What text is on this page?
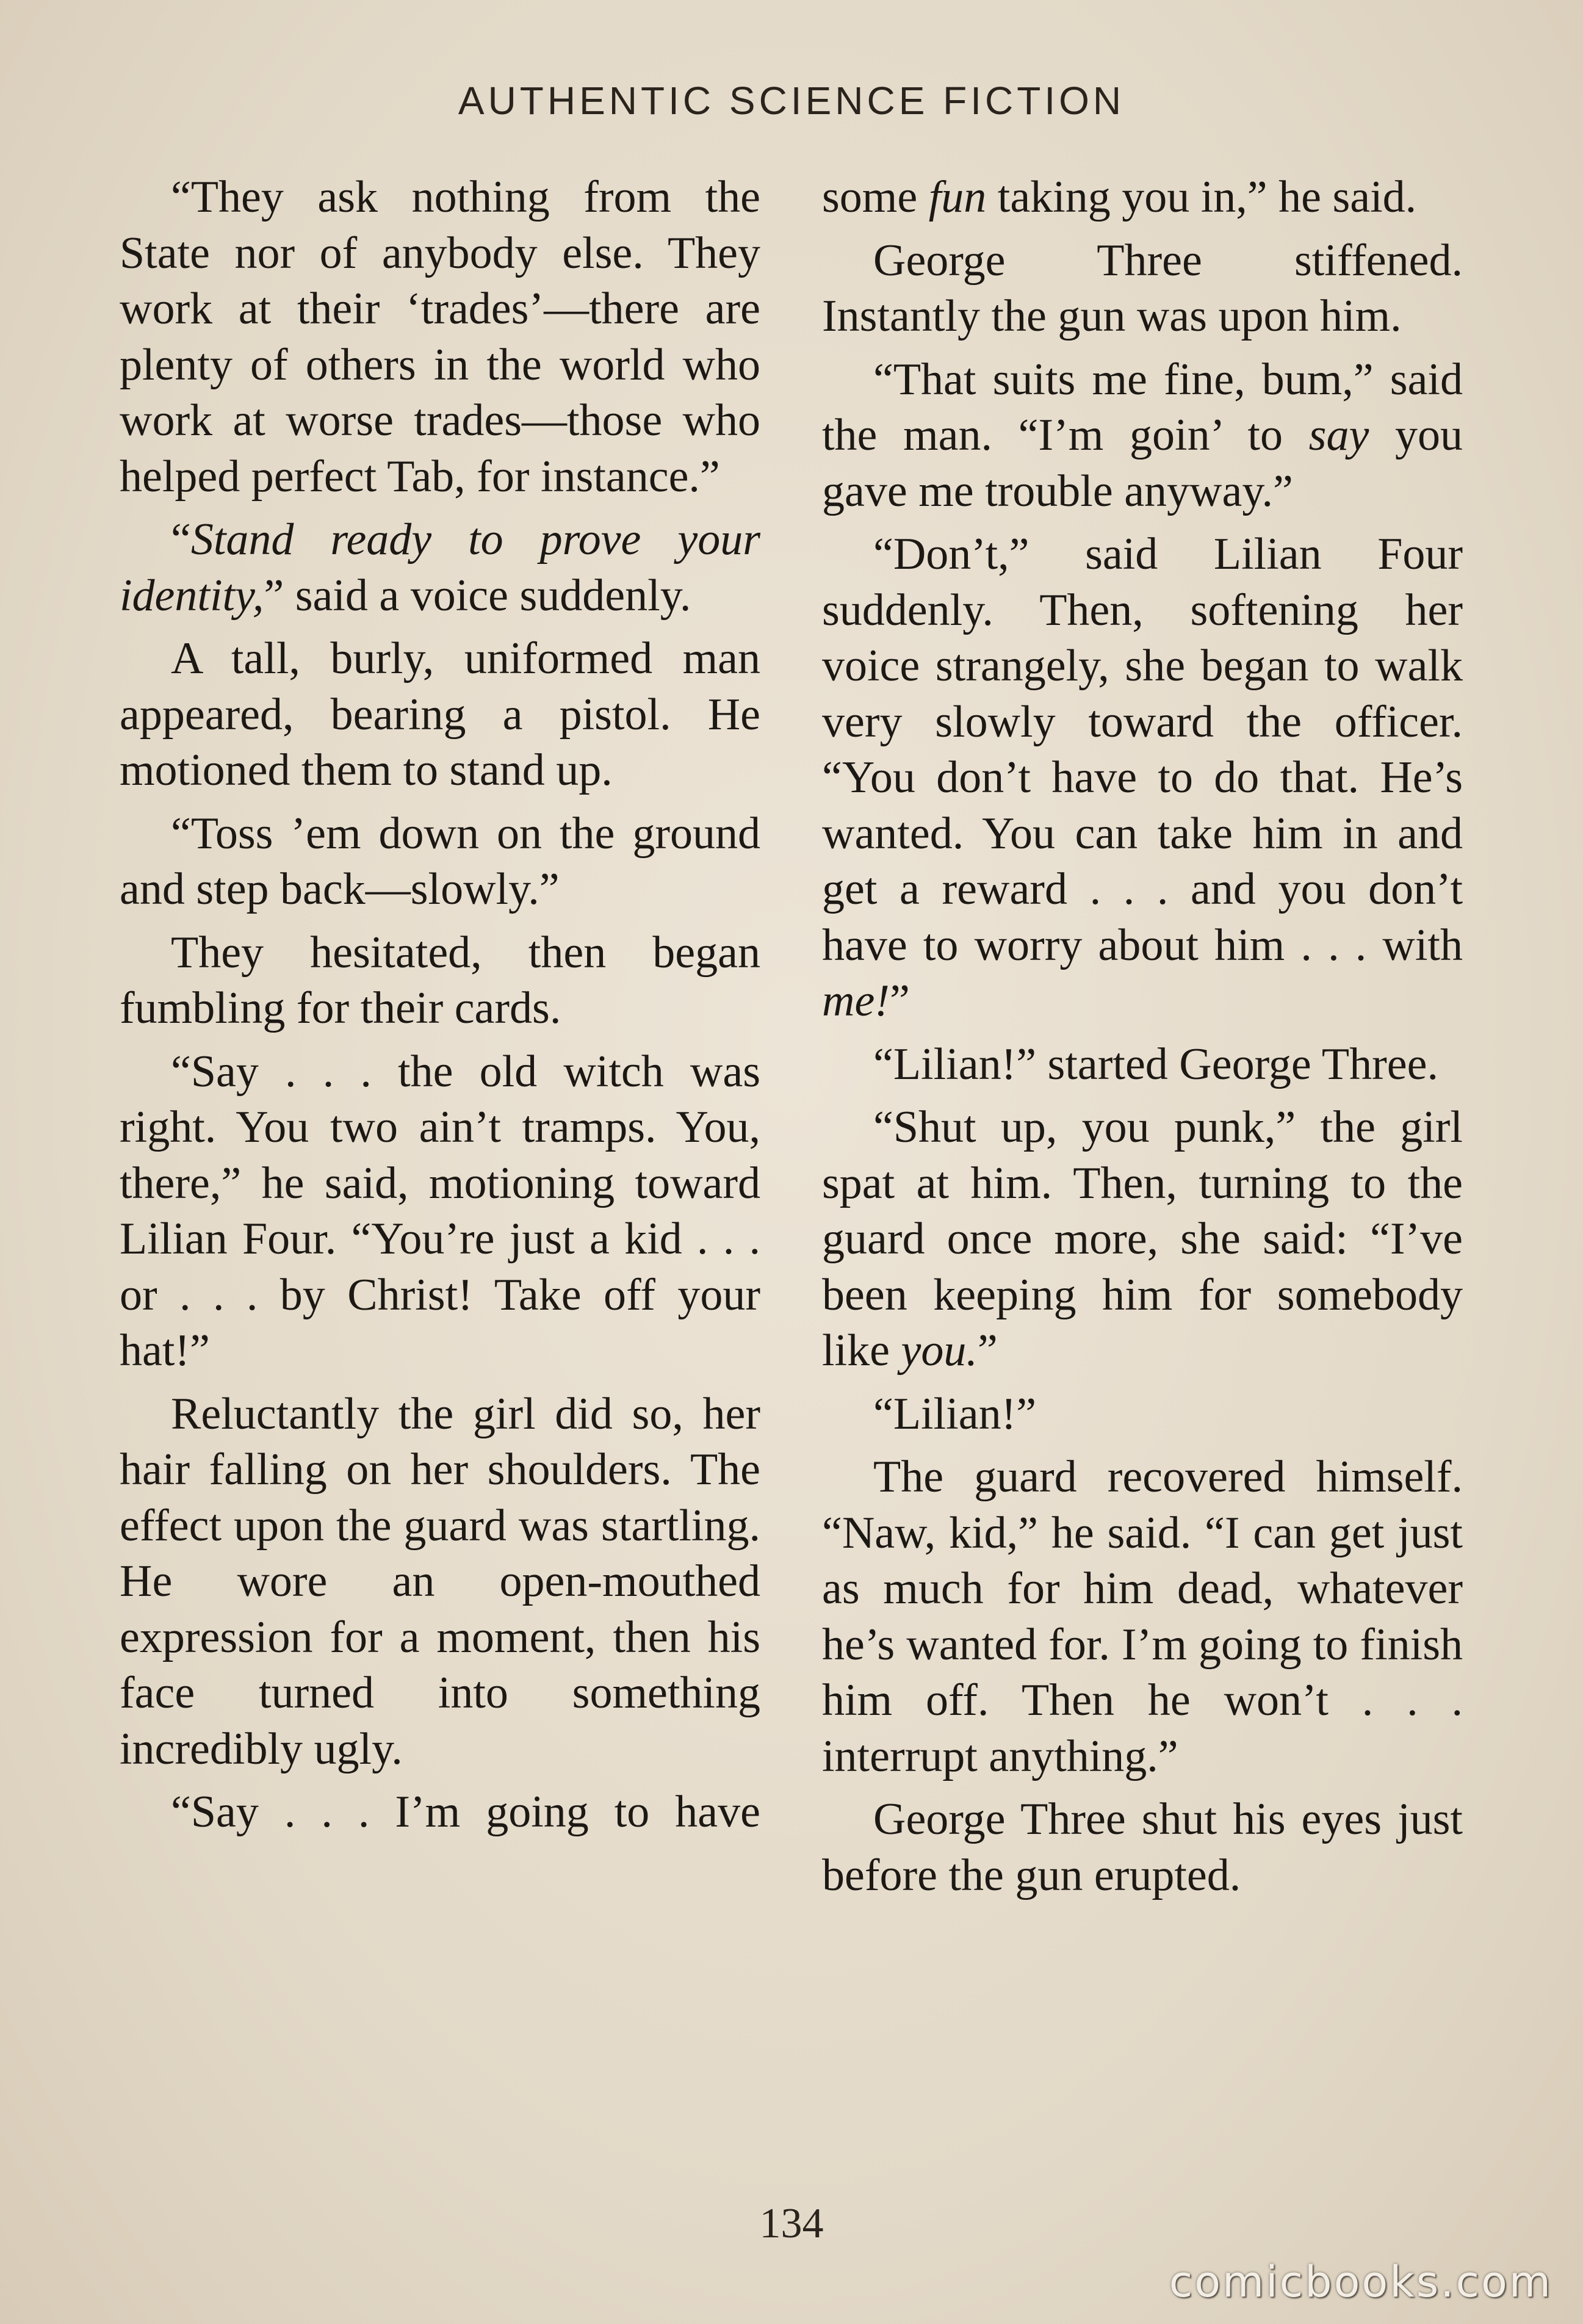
AUTHENTIC SCIENCE FICTION

“They ask nothing from the State nor of anybody else. They work at their ‘trades’—there are plenty of others in the world who work at worse trades—those who helped perfect Tab, for instance.”

“Stand ready to prove your identity,” said a voice suddenly.

A tall, burly, uniformed man appeared, bearing a pistol. He motioned them to stand up.

“Toss ’em down on the ground and step back—slowly.”

They hesitated, then began fumbling for their cards.

“Say . . . the old witch was right. You two ain’t tramps. You, there,” he said, motioning toward Lilian Four. “You’re just a kid . . . or . . . by Christ! Take off your hat!”

Reluctantly the girl did so, her hair falling on her shoulders. The effect upon the guard was startling. He wore an open-mouthed expression for a moment, then his face turned into something incredibly ugly.

“Say . . . I’m going to have

some fun taking you in,” he said.

George Three stiffened. Instantly the gun was upon him.

“That suits me fine, bum,” said the man. “I’m goin’ to say you gave me trouble anyway.”

“Don’t,” said Lilian Four suddenly. Then, softening her voice strangely, she began to walk very slowly toward the officer. “You don’t have to do that. He’s wanted. You can take him in and get a reward . . . and you don’t have to worry about him . . . with me!”

“Lilian!” started George Three.

“Shut up, you punk,” the girl spat at him. Then, turning to the guard once more, she said: “I’ve been keeping him for somebody like you.”

“Lilian!”

The guard recovered himself. “Naw, kid,” he said. “I can get just as much for him dead, whatever he’s wanted for. I’m going to finish him off. Then he won’t . . . interrupt anything.”

George Three shut his eyes just before the gun erupted.

134
comicbooks.com
